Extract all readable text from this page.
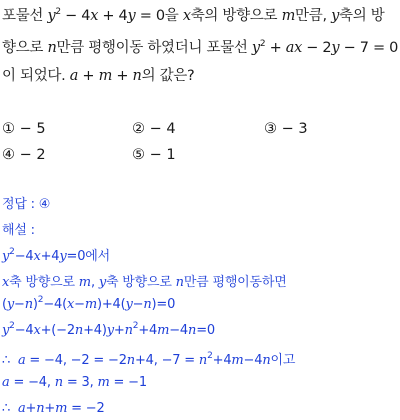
포물선 $y^2 - 4x + 4y = 0$을 x축의 방향으로 m만큼, y축의 방
향으로 n만큼 평행이동 하였더니 포물선 $y^2$ + ax − 2y − 7 = 0
이 되었다. a + m + n의 값은?
① − 5	② − 4	③ − 3
④ − 2	⑤ − 1
정답 : ④
해설 :
$y^2-4x+4y=0$에서
x축 방향으로 m, y축 방향으로 n만큼 평행이동하면
$(y-n)^2-4(x-m)+4(y-n)=0$
$y^2-4x+(-2n+4)y+n^2+4m-4n=0$
∴  a = −4, −2 = −2n+4, $-7 = n^2+4m-4n$이고
a = −4, n = 3, m = −1
∴  a+n+m = −2
